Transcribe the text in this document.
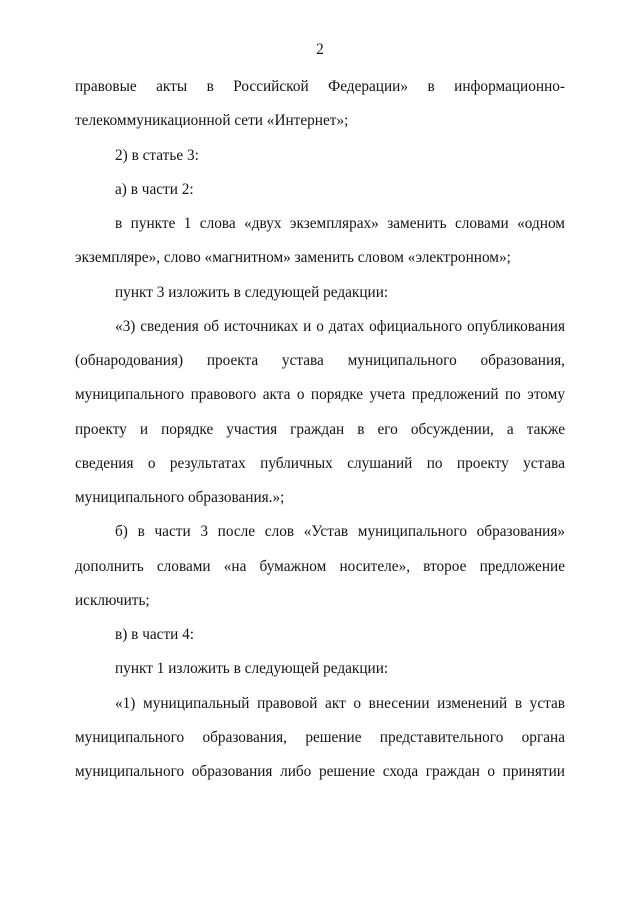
2
правовые акты в Российской Федерации» в информационно-
телекоммуникационной сети «Интернет»;
2) в статье 3:
а) в части 2:
в пункте 1 слова «двух экземплярах» заменить словами «одном
экземпляре», слово «магнитном» заменить словом «электронном»;
пункт 3 изложить в следующей редакции:
«3) сведения об источниках и о датах официального опубликования
(обнародования) проекта устава муниципального образования,
муниципального правового акта о порядке учета предложений по этому
проекту и порядке участия граждан в его обсуждении, а также
сведения о результатах публичных слушаний по проекту устава
муниципального образования.»;
б) в части 3 после слов «Устав муниципального образования»
дополнить словами «на бумажном носителе», второе предложение
исключить;
в) в части 4:
пункт 1 изложить в следующей редакции:
«1) муниципальный правовой акт о внесении изменений в устав
муниципального образования, решение представительного органа
муниципального образования либо решение схода граждан о принятии
